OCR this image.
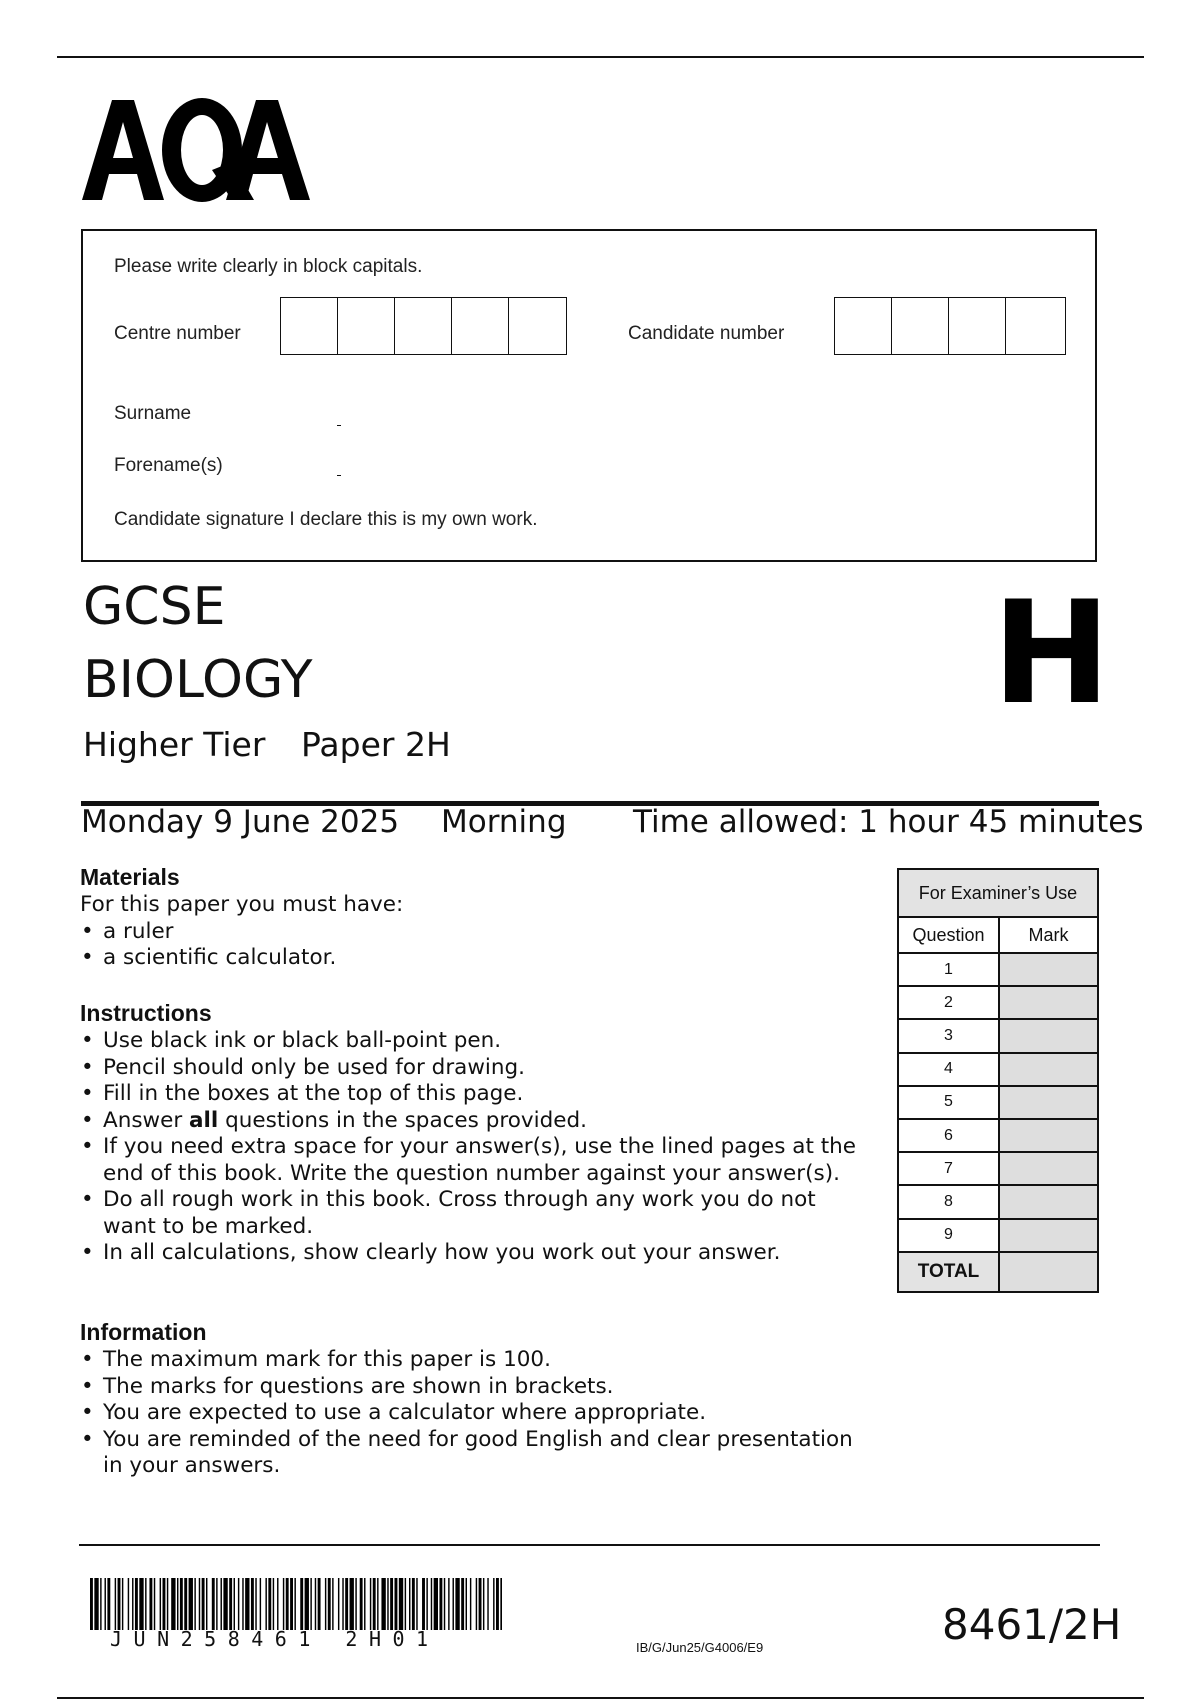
Please write clearly in block capitals.
Centre number	Candidate number
Surname
Forename(s)
Candidate signature I declare this is my own work.
GCSE
BIOLOGY
Higher Tier Paper 2H
H
Monday 9 June 2025 Morning Time allowed: 1 hour 45 minutes
Materials
For this paper you must have:
• a ruler
• a scientific calculator.
Instructions
• Use black ink or black ball-point pen.
• Pencil should only be used for drawing.
• Fill in the boxes at the top of this page.
• Answer all questions in the spaces provided.
• If you need extra space for your answer(s), use the lined pages at the end of this book. Write the question number against your answer(s).
• Do all rough work in this book. Cross through any work you do not want to be marked.
• In all calculations, show clearly how you work out your answer.
Information
• The maximum mark for this paper is 100.
• The marks for questions are shown in brackets.
• You are expected to use a calculator where appropriate.
• You are reminded of the need for good English and clear presentation in your answers.
For Examiner’s Use	
Question	Mark
1	
2	
3	
4	
5	
6	
7	
8	
9	
TOTAL	
JUN258461 2H01	IB/G/Jun25/G4006/E9	8461/2H
